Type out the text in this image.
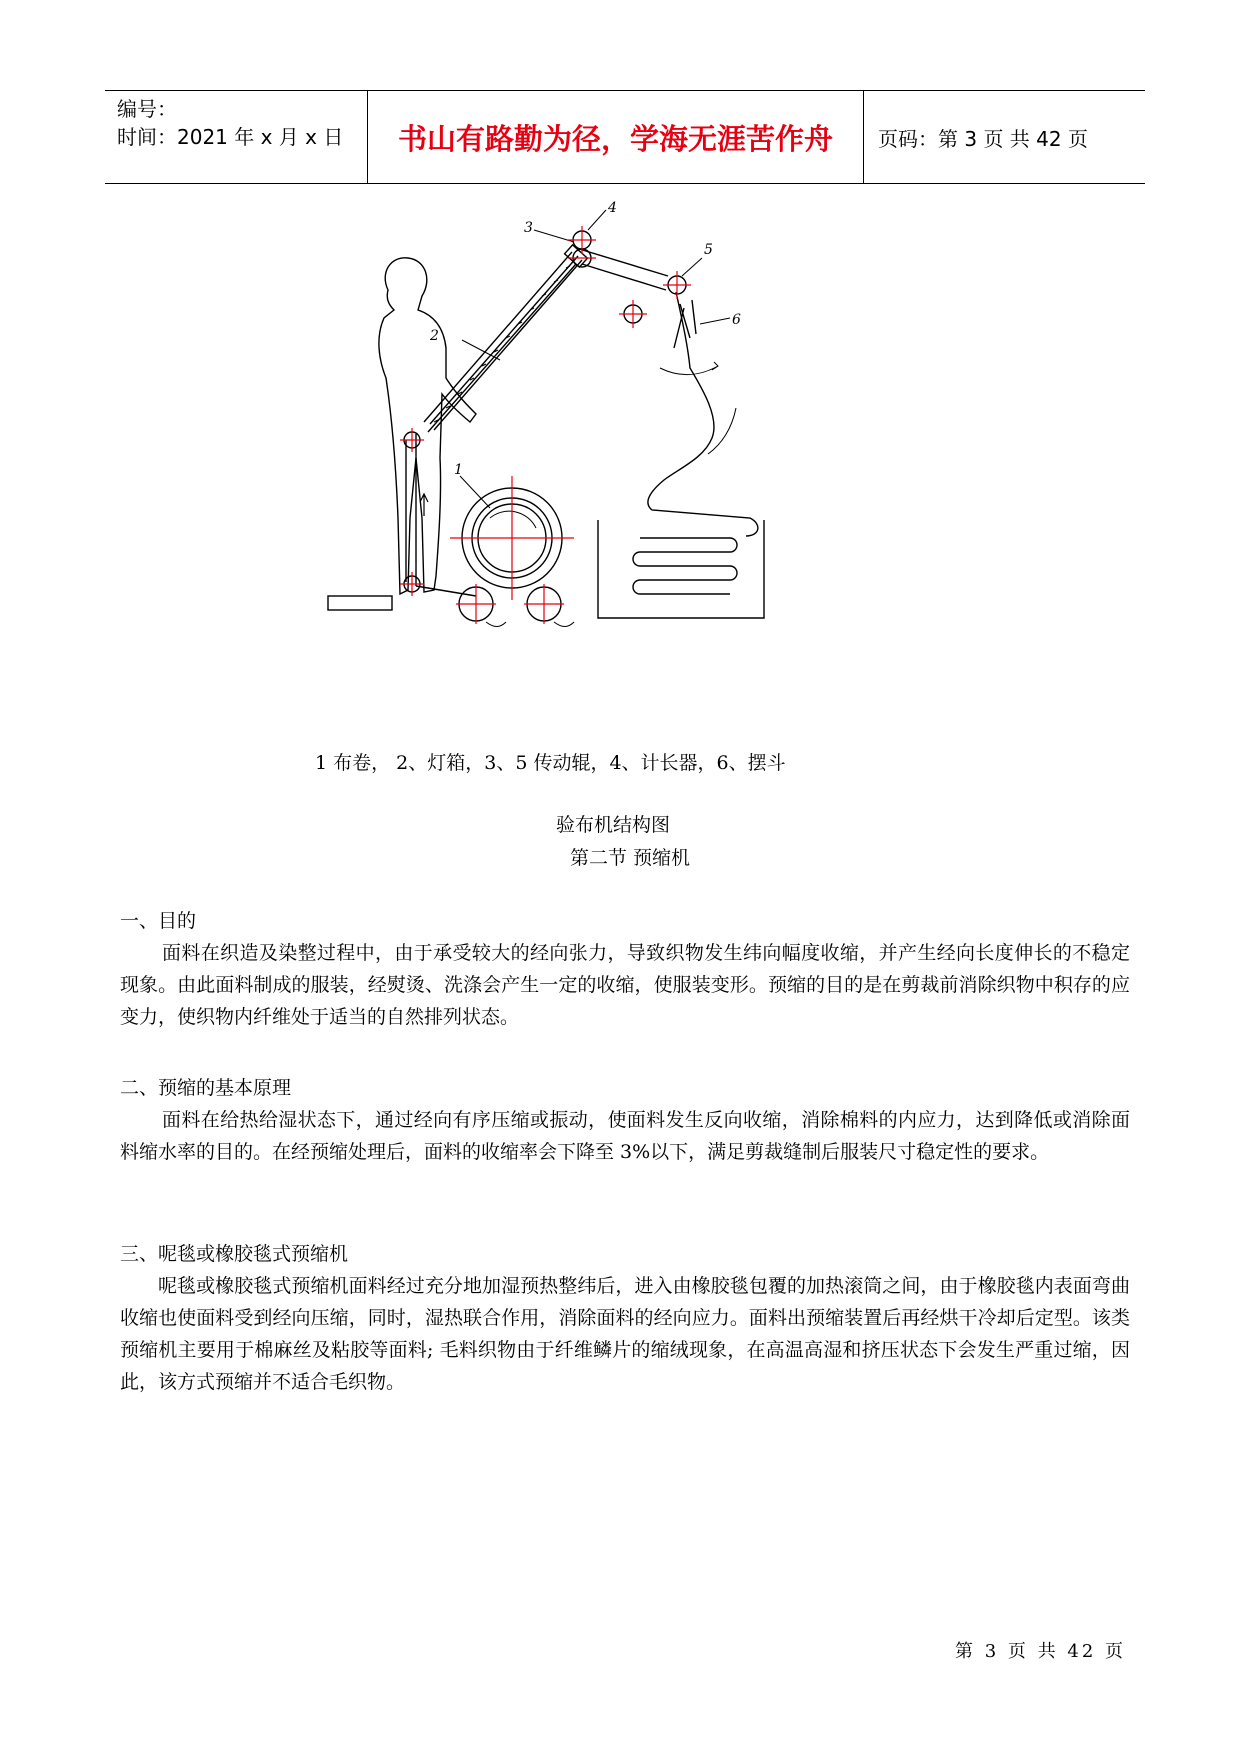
编号：
时间：2021 年 x 月 x 日	书山有路勤为径，学海无涯苦作舟	页码：第 3 页 共 42 页
1
2
3
4
5
6
1 布卷， 2、灯箱，3、5 传动辊，4、计长器，6、摆斗
验布机结构图
第二节 预缩机
一、目的

面料在织造及染整过程中，由于承受较大的经向张力，导致织物发生纬向幅度收缩，并产生经向长度伸长的不稳定现象。由此面料制成的服装，经熨烫、洗涤会产生一定的收缩，使服装变形。预缩的目的是在剪裁前消除织物中积存的应变力，使织物内纤维处于适当的自然排列状态。

二、预缩的基本原理

面料在给热给湿状态下，通过经向有序压缩或振动，使面料发生反向收缩，消除棉料的内应力，达到降低或消除面料缩水率的目的。在经预缩处理后，面料的收缩率会下降至 3%以下，满足剪裁缝制后服装尺寸稳定性的要求。

三、呢毯或橡胶毯式预缩机

呢毯或橡胶毯式预缩机面料经过充分地加湿预热整纬后，进入由橡胶毯包覆的加热滚筒之间，由于橡胶毯内表面弯曲收缩也使面料受到经向压缩，同时，湿热联合作用，消除面料的经向应力。面料出预缩装置后再经烘干冷却后定型。该类预缩机主要用于棉麻丝及粘胶等面料; 毛料织物由于纤维鳞片的缩绒现象，在高温高湿和挤压状态下会发生严重过缩，因此，该方式预缩并不适合毛织物。

第 3 页 共 42 页
